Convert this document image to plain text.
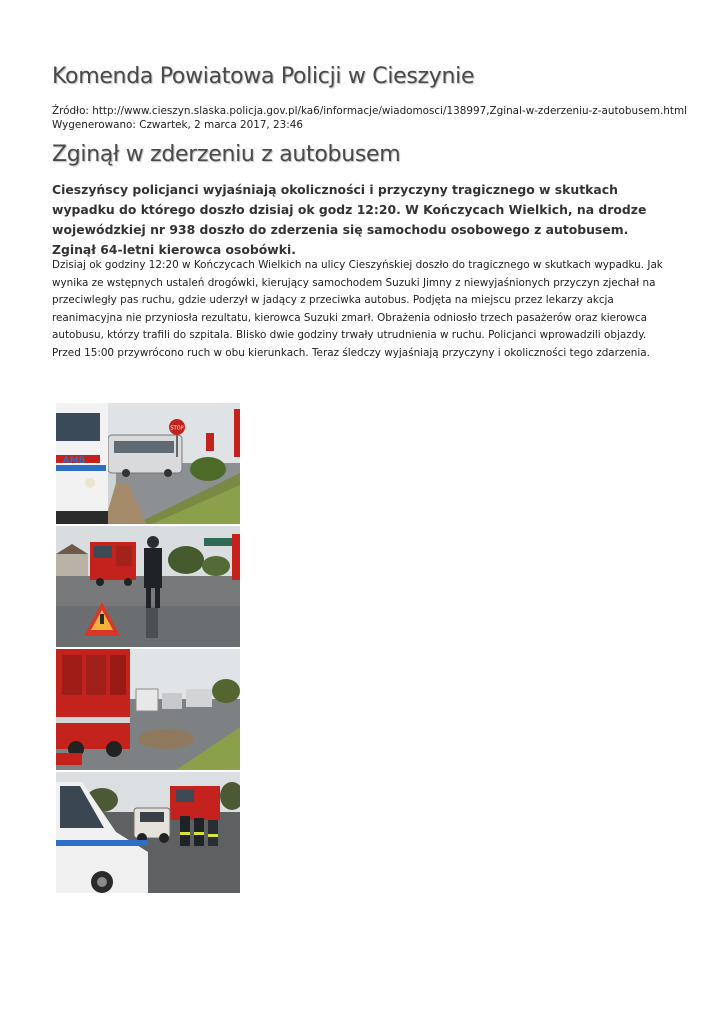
Komenda Powiatowa Policji w Cieszynie
Źródło: http://www.cieszyn.slaska.policja.gov.pl/ka6/informacje/wiadomosci/138997,Zginal-w-zderzeniu-z-autobusem.html
Wygenerowano: Czwartek, 2 marca 2017, 23:46
Zginął w zderzeniu z autobusem

Cieszyńscy policjanci wyjaśniają okoliczności i przyczyny tragicznego w skutkach wypadku do którego doszło dzisiaj ok godz 12:20. W Kończycach Wielkich, na drodze wojewódzkiej nr 938 doszło do zderzenia się samochodu osobowego z autobusem. Zginął 64-letni kierowca osobówki.

Dzisiaj ok godziny 12:20 w Kończycach Wielkich na ulicy Cieszyńskiej doszło do tragicznego w skutkach wypadku. Jak wynika ze wstępnych ustaleń drogówki, kierujący samochodem Suzuki Jimny z niewyjaśnionych przyczyn zjechał na przeciwległy pas ruchu, gdzie uderzył w jadący z przeciwka autobus. Podjęta na miejscu przez lekarzy akcja reanimacyjna nie przyniosła rezultatu, kierowca Suzuki zmarł. Obrażenia odniosło trzech pasażerów oraz kierowca autobusu, którzy trafili do szpitala. Blisko dwie godziny trwały utrudnienia w ruchu. Policjanci wprowadzili objazdy. Przed 15:00 przywrócono ruch w obu kierunkach. Teraz śledczy wyjaśniają przyczyny i okoliczności tego zdarzenia.

STOP
AMB
